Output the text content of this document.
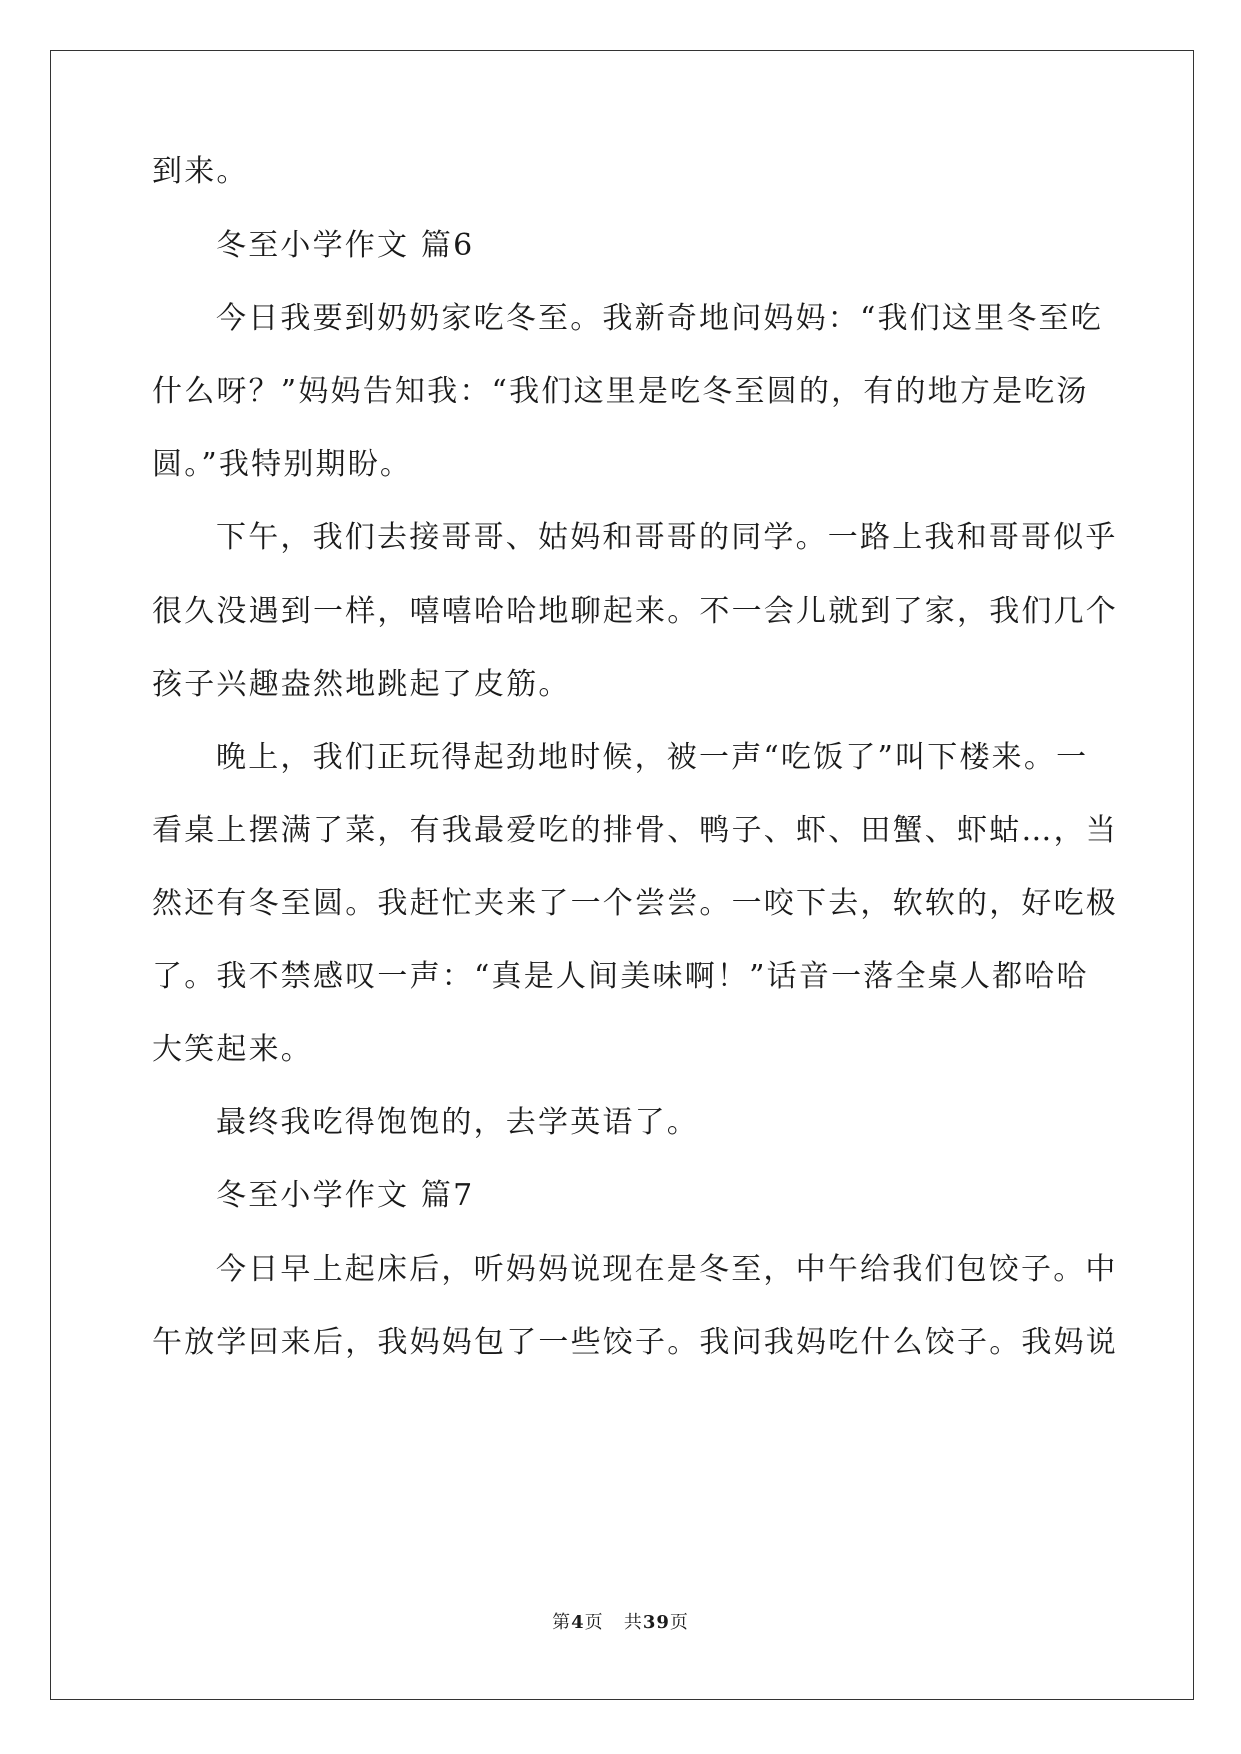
到来。
冬至小学作文 篇6
今日我要到奶奶家吃冬至。我新奇地问妈妈：“我们这里冬至吃
什么呀？”妈妈告知我：“我们这里是吃冬至圆的，有的地方是吃汤
圆。”我特别期盼。
下午，我们去接哥哥、姑妈和哥哥的同学。一路上我和哥哥似乎
很久没遇到一样，嘻嘻哈哈地聊起来。不一会儿就到了家，我们几个
孩子兴趣盎然地跳起了皮筋。
晚上，我们正玩得起劲地时候，被一声“吃饭了”叫下楼来。一
看桌上摆满了菜，有我最爱吃的排骨、鸭子、虾、田蟹、虾蛄…，当
然还有冬至圆。我赶忙夹来了一个尝尝。一咬下去，软软的，好吃极
了。我不禁感叹一声：“真是人间美味啊！”话音一落全桌人都哈哈
大笑起来。
最终我吃得饱饱的，去学英语了。
冬至小学作文 篇7
今日早上起床后，听妈妈说现在是冬至，中午给我们包饺子。中
午放学回来后，我妈妈包了一些饺子。我问我妈吃什么饺子。我妈说
第4页 共39页
